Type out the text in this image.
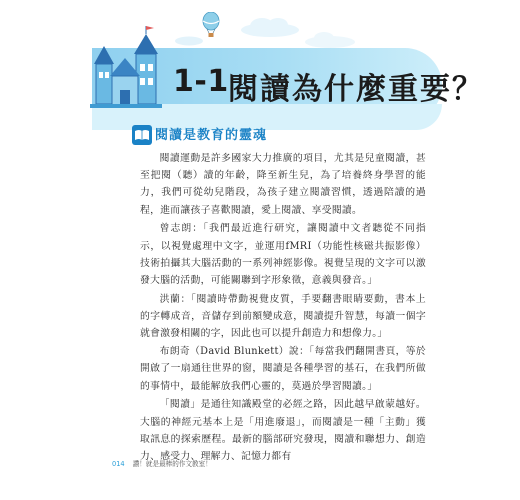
1-1 閱讀為什麼重要？
閱讀是教育的靈魂

閱讀運動是許多國家大力推廣的項目，尤其是兒童閱讀，甚至把閱（聽）讀的年齡，降至新生兒，為了培養終身學習的能力，我們可從幼兒階段，為孩子建立閱讀習慣，透過陪讀的過程，進而讓孩子喜歡閱讀，愛上閱讀、享受閱讀。

曾志朗：「我們最近進行研究，讓閱讀中文者聽從不同指示，以視覺處理中文字，並運用fMRI（功能性核磁共振影像）技術拍攝其大腦活動的一系列神經影像。視覺呈現的文字可以激發大腦的活動，可能關聯到字形象徵，意義與發音。」

洪蘭：「閱讀時帶動視覺皮質，手要翻書眼睛要動，書本上的字轉成音，音儲存到前額變成意，閱讀提升智慧，每讀一個字就會激發相關的字，因此也可以提升創造力和想像力。」

布朗奇（David Blunkett）說：「每當我們翻開書頁，等於開啟了一扇通往世界的窗，閱讀是各種學習的基石，在我們所做的事情中，最能解放我們心靈的，莫過於學習閱讀。」

「閱讀」是通往知識殿堂的必經之路，因此越早啟蒙越好。大腦的神經元基本上是「用進廢退」，而閱讀是一種「主動」獲取訊息的探索歷程。最新的腦部研究發現，閱讀和聯想力、創造力、感受力、理解力、記憶力都有

014 讚！就是最棒的作文教室！
